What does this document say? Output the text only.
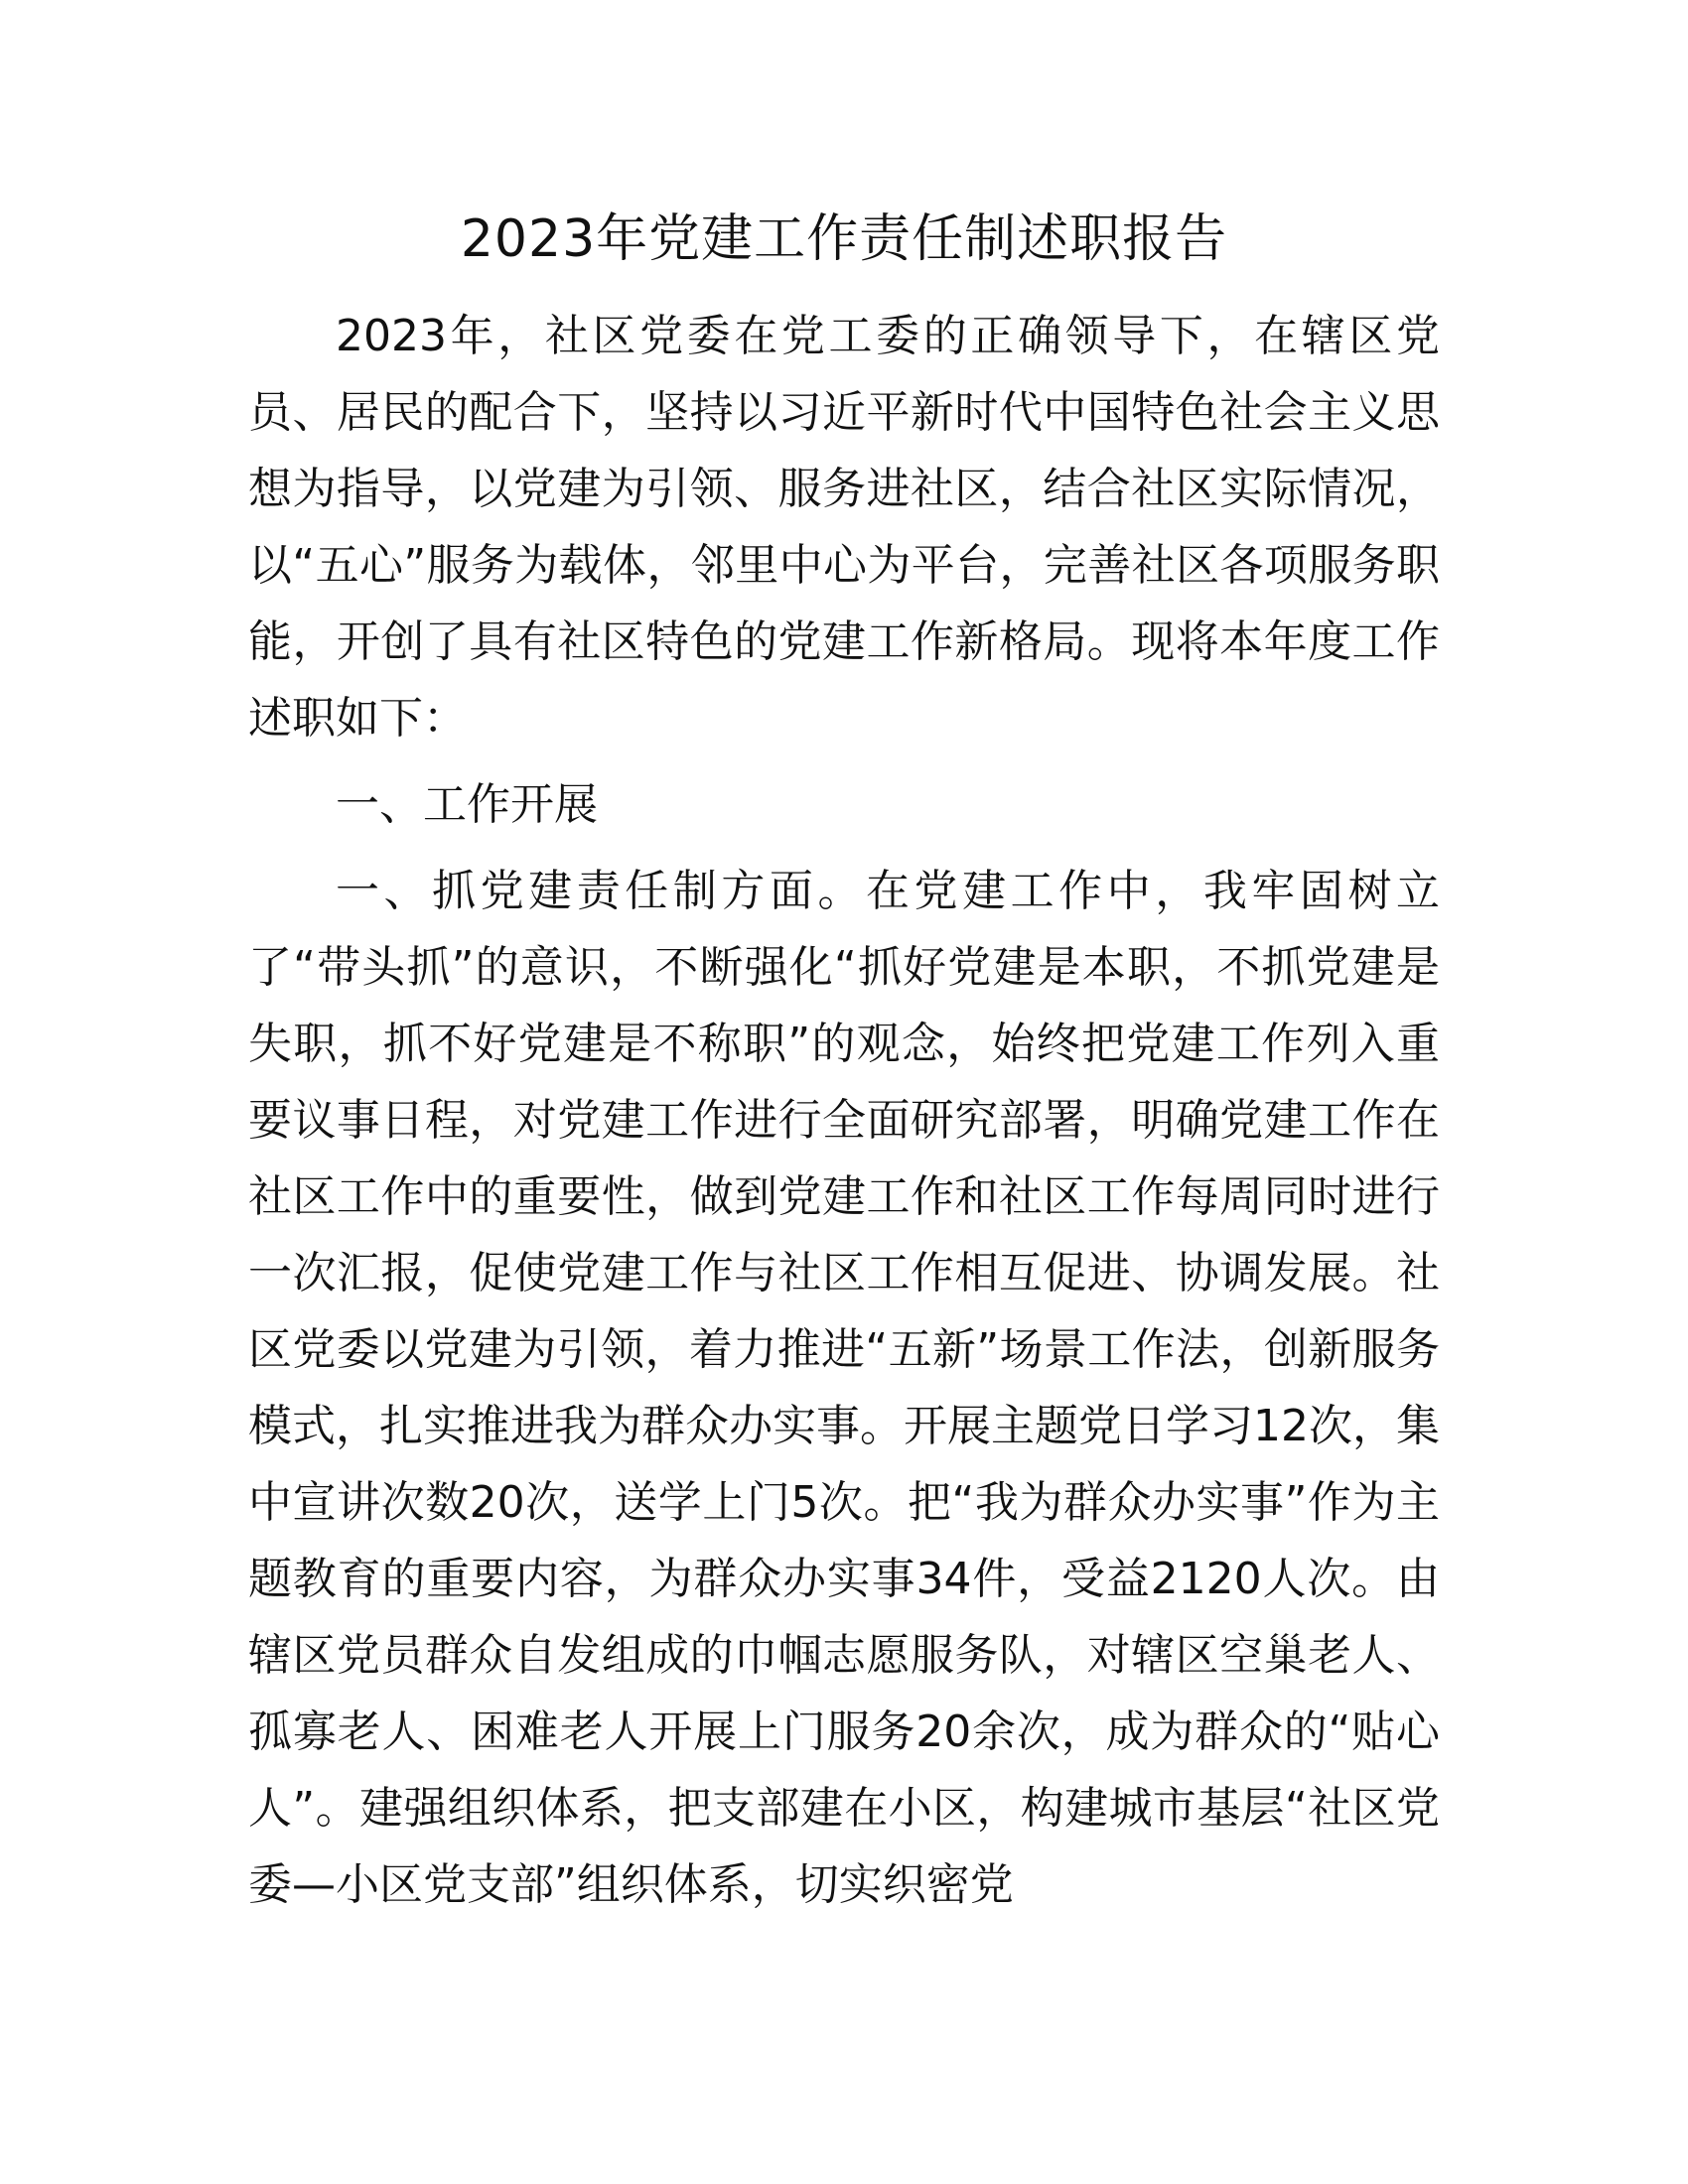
2023年党建工作责任制述职报告

2023年，社区党委在党工委的正确领导下，在辖区党员、居民的配合下，坚持以习近平新时代中国特色社会主义思想为指导，以党建为引领、服务进社区，结合社区实际情况，以“五心”服务为载体，邻里中心为平台，完善社区各项服务职能，开创了具有社区特色的党建工作新格局。现将本年度工作述职如下：

一、工作开展

一、抓党建责任制方面。在党建工作中，我牢固树立了“带头抓”的意识，不断强化“抓好党建是本职，不抓党建是失职，抓不好党建是不称职”的观念，始终把党建工作列入重要议事日程，对党建工作进行全面研究部署，明确党建工作在社区工作中的重要性，做到党建工作和社区工作每周同时进行一次汇报，促使党建工作与社区工作相互促进、协调发展。社区党委以党建为引领，着力推进“五新”场景工作法，创新服务模式，扎实推进我为群众办实事。开展主题党日学习12次，集中宣讲次数20次，送学上门5次。把“我为群众办实事”作为主题教育的重要内容，为群众办实事34件，受益2120人次。由辖区党员群众自发组成的巾帼志愿服务队，对辖区空巢老人、孤寡老人、困难老人开展上门服务20余次，成为群众的“贴心人”。建强组织体系，把支部建在小区，构建城市基层“社区党委—小区党支部”组织体系，切实织密党
